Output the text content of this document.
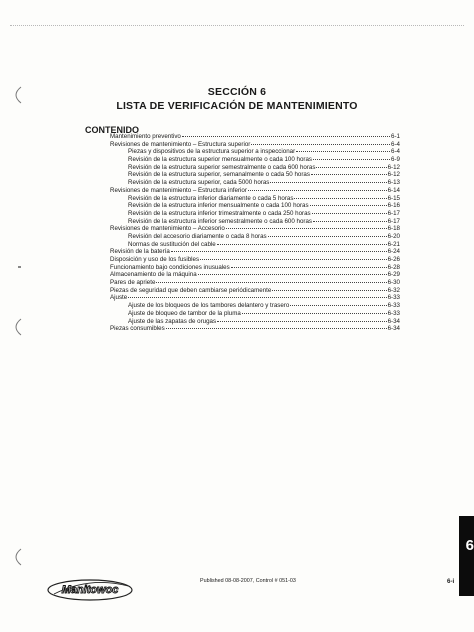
SECCIÓN 6
LISTA DE VERIFICACIÓN DE MANTENIMIENTO
CONTENIDO
Mantenimiento preventivo	6-1
Revisiones de mantenimiento – Estructura superior	6-4
Piezas y dispositivos de la estructura superior a inspeccionar	6-4
Revisión de la estructura superior mensualmente o cada 100 horas	6-9
Revisión de la estructura superior semestralmente o cada 600 horas	6-12
Revisión de la estructura superior, semanalmente o cada 50 horas	6-12
Revisión de la estructura superior, cada 5000 horas	6-13
Revisiones de mantenimiento – Estructura inferior	6-14
Revisión de la estructura inferior diariamente o cada 5 horas	6-15
Revisión de la estructura inferior mensualmente o cada 100 horas	6-16
Revisión de la estructura inferior trimestralmente o cada 250 horas	6-17
Revisión de la estructura inferior semestralmente o cada 600 horas	6-17
Revisiones de mantenimiento – Accesorio	6-18
Revisión del accesorio diariamente o cada 8 horas	6-20
Normas de sustitución del cable	6-21
Revisión de la batería	6-24
Disposición y uso de los fusibles	6-26
Funcionamiento bajo condiciones inusuales	6-28
Almacenamiento de la máquina	6-29
Pares de apriete	6-30
Piezas de seguridad que deben cambiarse periódicamente	6-32
Ajuste	6-33
Ajuste de los bloqueos de los tambores delantero y trasero	6-33
Ajuste de bloqueo de tambor de la pluma	6-33
Ajuste de las zapatas de orugas	6-34
Piezas consumibles	6-34
6
Manitowoc
Published 08-08-2007, Control # 051-03	6-i
